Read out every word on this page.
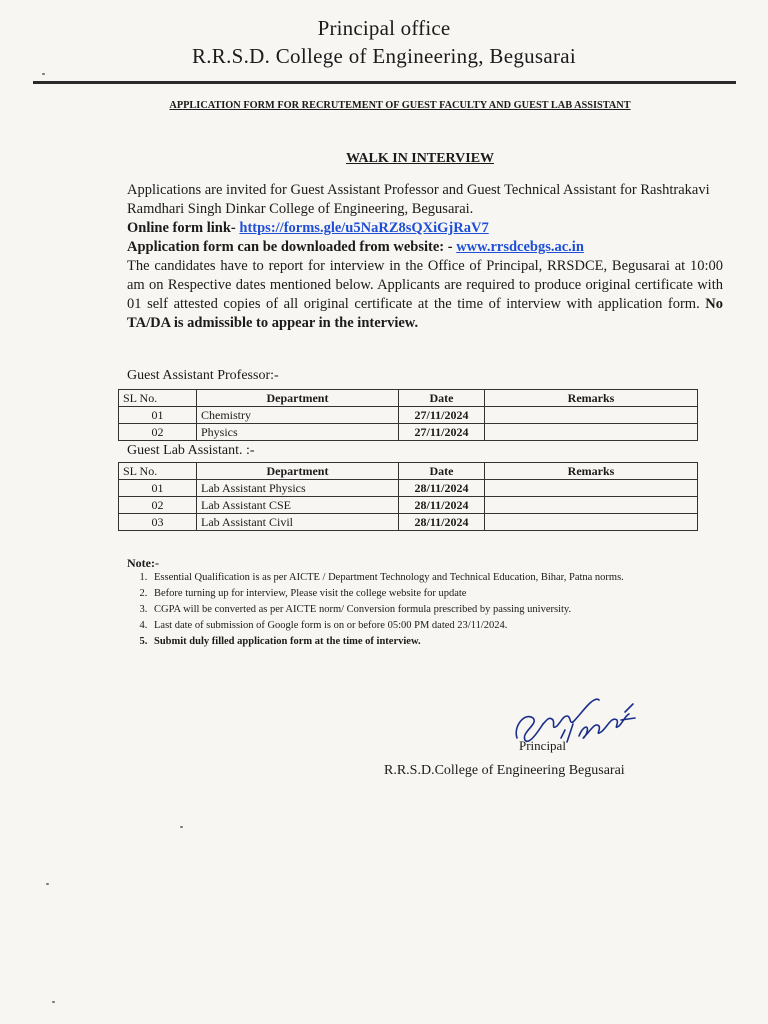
Principal office
R.R.S.D. College of Engineering, Begusarai
APPLICATION FORM FOR RECRUTEMENT OF GUEST FACULTY AND GUEST LAB ASSISTANT
WALK IN INTERVIEW

Applications are invited for Guest Assistant Professor and Guest Technical Assistant for Rashtrakavi Ramdhari Singh Dinkar College of Engineering, Begusarai.

Online form link- https://forms.gle/u5NaRZ8sQXiGjRaV7

Application form can be downloaded from website: - www.rrsdcebgs.ac.in

The candidates have to report for interview in the Office of Principal, RRSDCE, Begusarai at 10:00 am on Respective dates mentioned below. Applicants are required to produce original certificate with 01 self attested copies of all original certificate at the time of interview with application form. No TA/DA is admissible to appear in the interview.

Guest Assistant Professor:-
SL No.	Department	Date	Remarks
01	Chemistry	27/11/2024	
02	Physics	27/11/2024	
Guest Lab Assistant. :-
SL No.	Department	Date	Remarks
01	Lab Assistant Physics	28/11/2024	
02	Lab Assistant CSE	28/11/2024	
03	Lab Assistant Civil	28/11/2024	
Note:-
1. Essential Qualification is as per AICTE / Department Technology and Technical Education, Bihar, Patna norms.
2. Before turning up for interview, Please visit the college website for update
3. CGPA will be converted as per AICTE norm/ Conversion formula prescribed by passing university.
4. Last date of submission of Google form is on or before 05:00 PM dated 23/11/2024.
5. Submit duly filled application form at the time of interview.
Principal
R.R.S.D.College of Engineering Begusarai
